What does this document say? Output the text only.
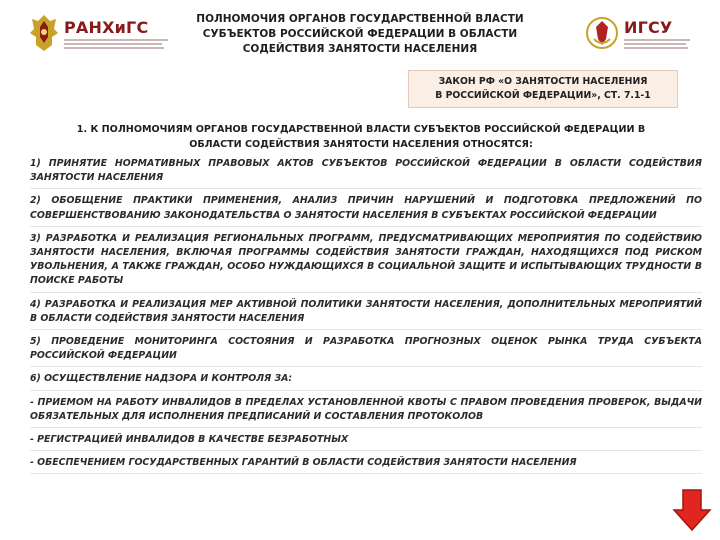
РАНХиГС	ПОЛНОМОЧИЯ ОРГАНОВ ГОСУДАРСТВЕННОЙ ВЛАСТИ
СУБЪЕКТОВ РОССИЙСКОЙ ФЕДЕРАЦИИ В ОБЛАСТИ
СОДЕЙСТВИЯ ЗАНЯТОСТИ НАСЕЛЕНИЯ
ИГСУ
ЗАКОН РФ «О ЗАНЯТОСТИ НАСЕЛЕНИЯ
В РОССИЙСКОЙ ФЕДЕРАЦИИ», СТ. 7.1-1
1. К ПОЛНОМОЧИЯМ ОРГАНОВ ГОСУДАРСТВЕННОЙ ВЛАСТИ СУБЪЕКТОВ РОССИЙСКОЙ ФЕДЕРАЦИИ В
ОБЛАСТИ СОДЕЙСТВИЯ ЗАНЯТОСТИ НАСЕЛЕНИЯ ОТНОСЯТСЯ:
1) ПРИНЯТИЕ НОРМАТИВНЫХ ПРАВОВЫХ АКТОВ СУБЪЕКТОВ РОССИЙСКОЙ ФЕДЕРАЦИИ В ОБЛАСТИ СОДЕЙСТВИЯ ЗАНЯТОСТИ НАСЕЛЕНИЯ
2) ОБОБЩЕНИЕ ПРАКТИКИ ПРИМЕНЕНИЯ, АНАЛИЗ ПРИЧИН НАРУШЕНИЙ И ПОДГОТОВКА ПРЕДЛОЖЕНИЙ ПО СОВЕРШЕНСТВОВАНИЮ ЗАКОНОДАТЕЛЬСТВА О ЗАНЯТОСТИ НАСЕЛЕНИЯ В СУБЪЕКТАХ РОССИЙСКОЙ ФЕДЕРАЦИИ
3) РАЗРАБОТКА И РЕАЛИЗАЦИЯ РЕГИОНАЛЬНЫХ ПРОГРАММ, ПРЕДУСМАТРИВАЮЩИХ МЕРОПРИЯТИЯ ПО СОДЕЙСТВИЮ ЗАНЯТОСТИ НАСЕЛЕНИЯ, ВКЛЮЧАЯ ПРОГРАММЫ СОДЕЙСТВИЯ ЗАНЯТОСТИ ГРАЖДАН, НАХОДЯЩИХСЯ ПОД РИСКОМ УВОЛЬНЕНИЯ, А ТАКЖЕ ГРАЖДАН, ОСОБО НУЖДАЮЩИХСЯ В СОЦИАЛЬНОЙ ЗАЩИТЕ И ИСПЫТЫВАЮЩИХ ТРУДНОСТИ В ПОИСКЕ РАБОТЫ
4) РАЗРАБОТКА И РЕАЛИЗАЦИЯ МЕР АКТИВНОЙ ПОЛИТИКИ ЗАНЯТОСТИ НАСЕЛЕНИЯ, ДОПОЛНИТЕЛЬНЫХ МЕРОПРИЯТИЙ В ОБЛАСТИ СОДЕЙСТВИЯ ЗАНЯТОСТИ НАСЕЛЕНИЯ
5) ПРОВЕДЕНИЕ МОНИТОРИНГА СОСТОЯНИЯ И РАЗРАБОТКА ПРОГНОЗНЫХ ОЦЕНОК РЫНКА ТРУДА СУБЪЕКТА РОССИЙСКОЙ ФЕДЕРАЦИИ
6) ОСУЩЕСТВЛЕНИЕ НАДЗОРА И КОНТРОЛЯ ЗА:
- ПРИЕМОМ НА РАБОТУ ИНВАЛИДОВ В ПРЕДЕЛАХ УСТАНОВЛЕННОЙ КВОТЫ С ПРАВОМ ПРОВЕДЕНИЯ ПРОВЕРОК, ВЫДАЧИ ОБЯЗАТЕЛЬНЫХ ДЛЯ ИСПОЛНЕНИЯ ПРЕДПИСАНИЙ И СОСТАВЛЕНИЯ ПРОТОКОЛОВ
- РЕГИСТРАЦИЕЙ ИНВАЛИДОВ В КАЧЕСТВЕ БЕЗРАБОТНЫХ
- ОБЕСПЕЧЕНИЕМ ГОСУДАРСТВЕННЫХ ГАРАНТИЙ В ОБЛАСТИ СОДЕЙСТВИЯ ЗАНЯТОСТИ НАСЕЛЕНИЯ
